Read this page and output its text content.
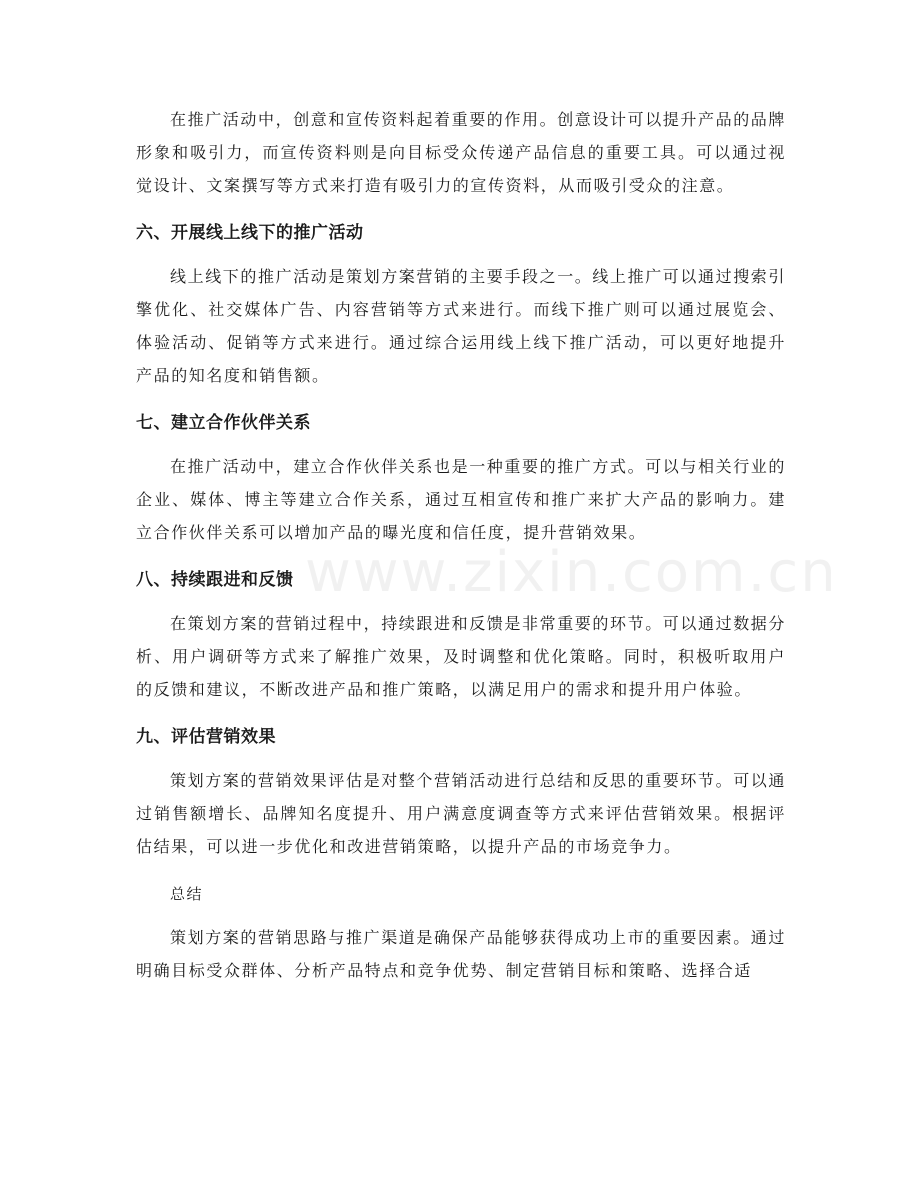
www.zixin.com.cn

在推广活动中，创意和宣传资料起着重要的作用。创意设计可以提升产品的品牌形象和吸引力，而宣传资料则是向目标受众传递产品信息的重要工具。可以通过视觉设计、文案撰写等方式来打造有吸引力的宣传资料，从而吸引受众的注意。

六、开展线上线下的推广活动

线上线下的推广活动是策划方案营销的主要手段之一。线上推广可以通过搜索引擎优化、社交媒体广告、内容营销等方式来进行。而线下推广则可以通过展览会、体验活动、促销等方式来进行。通过综合运用线上线下推广活动，可以更好地提升产品的知名度和销售额。

七、建立合作伙伴关系

在推广活动中，建立合作伙伴关系也是一种重要的推广方式。可以与相关行业的企业、媒体、博主等建立合作关系，通过互相宣传和推广来扩大产品的影响力。建立合作伙伴关系可以增加产品的曝光度和信任度，提升营销效果。

八、持续跟进和反馈

在策划方案的营销过程中，持续跟进和反馈是非常重要的环节。可以通过数据分析、用户调研等方式来了解推广效果，及时调整和优化策略。同时，积极听取用户的反馈和建议，不断改进产品和推广策略，以满足用户的需求和提升用户体验。

九、评估营销效果

策划方案的营销效果评估是对整个营销活动进行总结和反思的重要环节。可以通过销售额增长、品牌知名度提升、用户满意度调查等方式来评估营销效果。根据评估结果，可以进一步优化和改进营销策略，以提升产品的市场竞争力。

总结

策划方案的营销思路与推广渠道是确保产品能够获得成功上市的重要因素。通过明确目标受众群体、分析产品特点和竞争优势、制定营销目标和策略、选择合适
